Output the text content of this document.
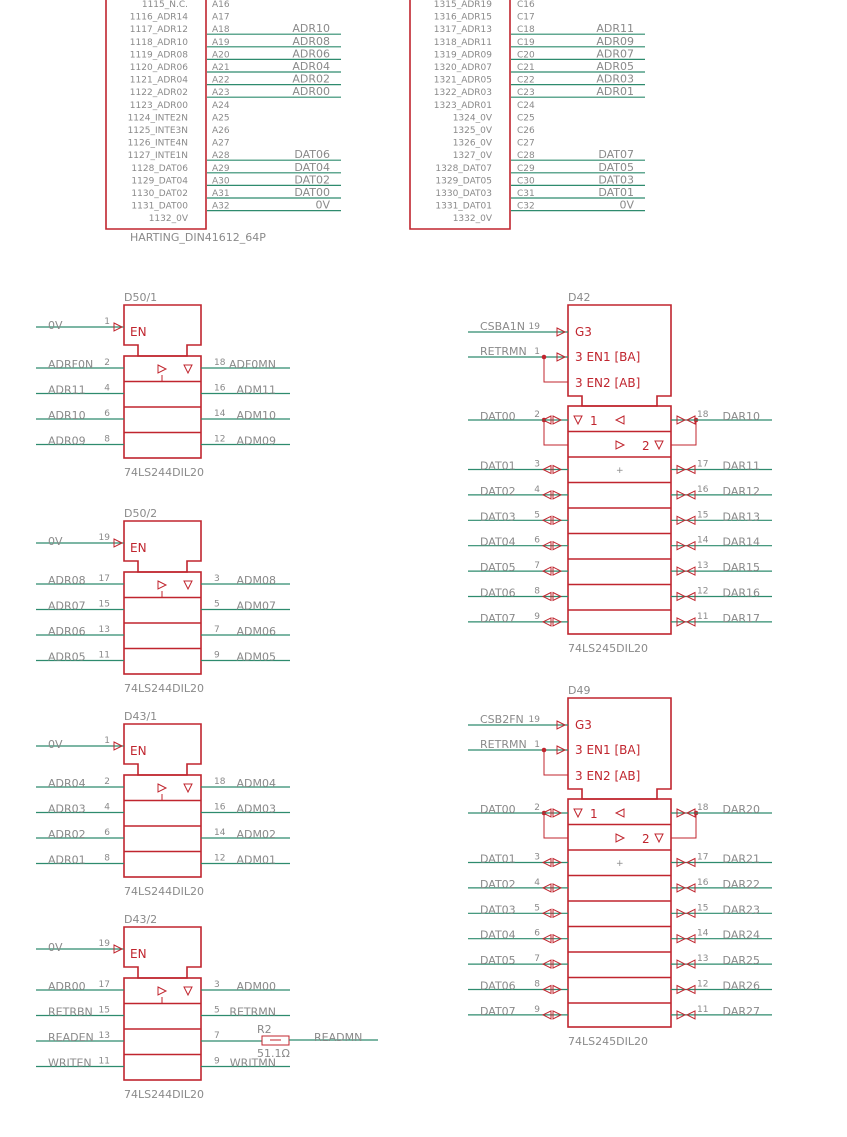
1115_N.C.	A16
1116_ADR14	A17
1117_ADR12	A18	ADR10
1118_ADR10	A19	ADR08
1119_ADR08	A20	ADR06
1120_ADR06	A21	ADR04
1121_ADR04	A22	ADR02
1122_ADR02	A23	ADR00
1123_ADR00	A24
1124_INTE2N	A25
1125_INTE3N	A26
1126_INTE4N	A27
1127_INTE1N	A28	DAT06
1128_DAT06	A29	DAT04
1129_DAT04	A30	DAT02
1130_DAT02	A31	DAT00
1131_DAT00	A32	0V
1132_0V
HARTING_DIN41612_64P
1315_ADR19	C16
1316_ADR15	C17
1317_ADR13	C18	ADR11
1318_ADR11	C19	ADR09
1319_ADR09	C20	ADR07
1320_ADR07	C21	ADR05
1321_ADR05	C22	ADR03
1322_ADR03	C23	ADR01
1323_ADR01	C24
1324_0V	C25
1325_0V	C26
1326_0V	C27
1327_0V	C28	DAT07
1328_DAT07	C29	DAT05
1329_DAT05	C30	DAT03
1330_DAT03	C31	DAT01
1331_DAT01	C32	0V
1332_0V
D50/1
EN
0V	1
ADRF0N 2	18 ADF0MN
ADR11 4	16 ADM11
ADR10 6	14 ADM10
ADR09 8	12 ADM09
74LS244DIL20
D50/2
EN
0V	19
ADR08 17	3 ADM08
ADR07 15	5 ADM07
ADR06 13	7 ADM06
ADR05 11	9 ADM05
74LS244DIL20
D43/1
EN
0V	1
ADR04 2	18 ADM04
ADR03 4	16 ADM03
ADR02 6	14 ADM02
ADR01 8	12 ADM01
74LS244DIL20
D43/2
EN
0V	19
ADR00 17	3 ADM00
RETRBN 15	5 RETRMN
READEN 13	7
WRITEN 11	9 WRITMN
74LS244DIL20
D42
G3
3 EN1 [BA]
3 EN2 [AB]
CSBA1N 19
RETRMN 1
1
2
+
DAT00 2	18 DAR10
DAT01 3	17 DAR11
DAT02 4	16 DAR12
DAT03 5	15 DAR13
DAT04 6	14 DAR14
DAT05 7	13 DAR15
DAT06 8	12 DAR16
DAT07 9	11 DAR17
74LS245DIL20
D49
G3
3 EN1 [BA]
3 EN2 [AB]
CSB2FN 19
RETRMN 1
1
2
+
DAT00 2	18 DAR20
DAT01 3	17 DAR21
DAT02 4	16 DAR22
DAT03 5	15 DAR23
DAT04 6	14 DAR24
DAT05 7	13 DAR25
DAT06 8	12 DAR26
DAT07 9	11 DAR27
74LS245DIL20
R2
51.1Ω
READMN
